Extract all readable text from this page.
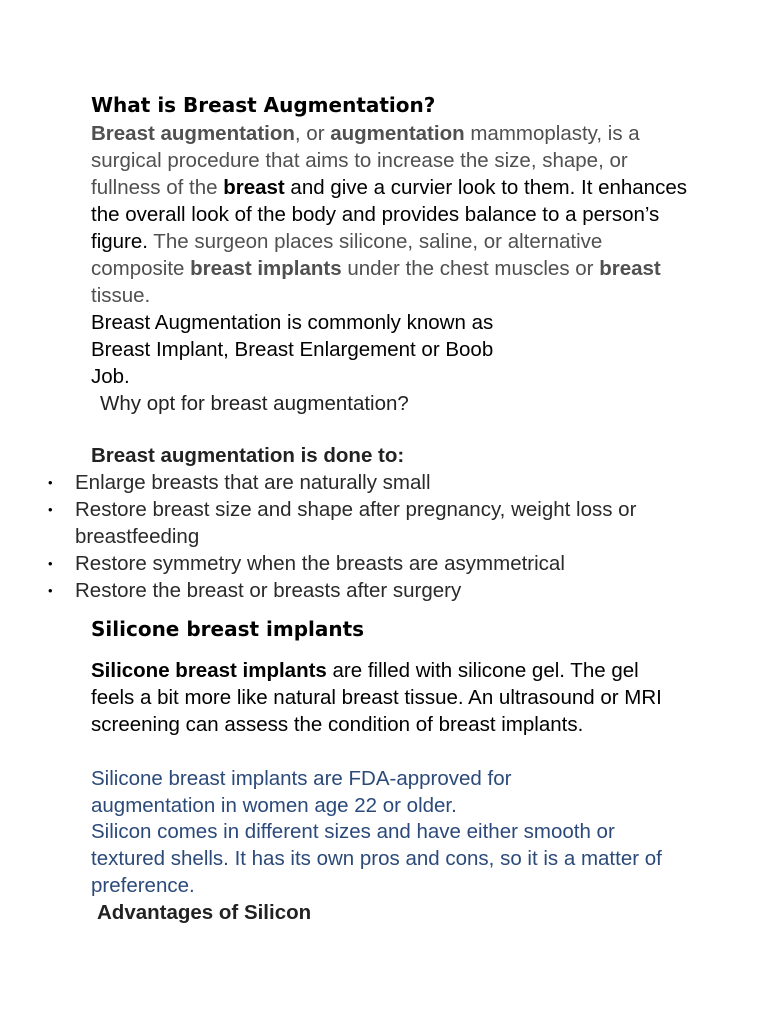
What is Breast Augmentation?
Breast augmentation, or augmentation mammoplasty, is a surgical procedure that aims to increase the size, shape, or fullness of the breast and give a curvier look to them. It enhances the overall look of the body and provides balance to a person’s figure. The surgeon places silicone, saline, or alternative composite breast implants under the chest muscles or breast tissue.
Breast Augmentation is commonly known as Breast Implant, Breast Enlargement or Boob Job.
Why opt for breast augmentation?
Breast augmentation is done to:
• Enlarge breasts that are naturally small
• Restore breast size and shape after pregnancy, weight loss or breastfeeding
• Restore symmetry when the breasts are asymmetrical
• Restore the breast or breasts after surgery
Silicone breast implants
Silicone breast implants are filled with silicone gel. The gel feels a bit more like natural breast tissue. An ultrasound or MRI screening can assess the condition of breast implants.
Silicone breast implants are FDA-approved for augmentation in women age 22 or older.
Silicon comes in different sizes and have either smooth or textured shells. It has its own pros and cons, so it is a matter of preference.
Advantages of Silicon
